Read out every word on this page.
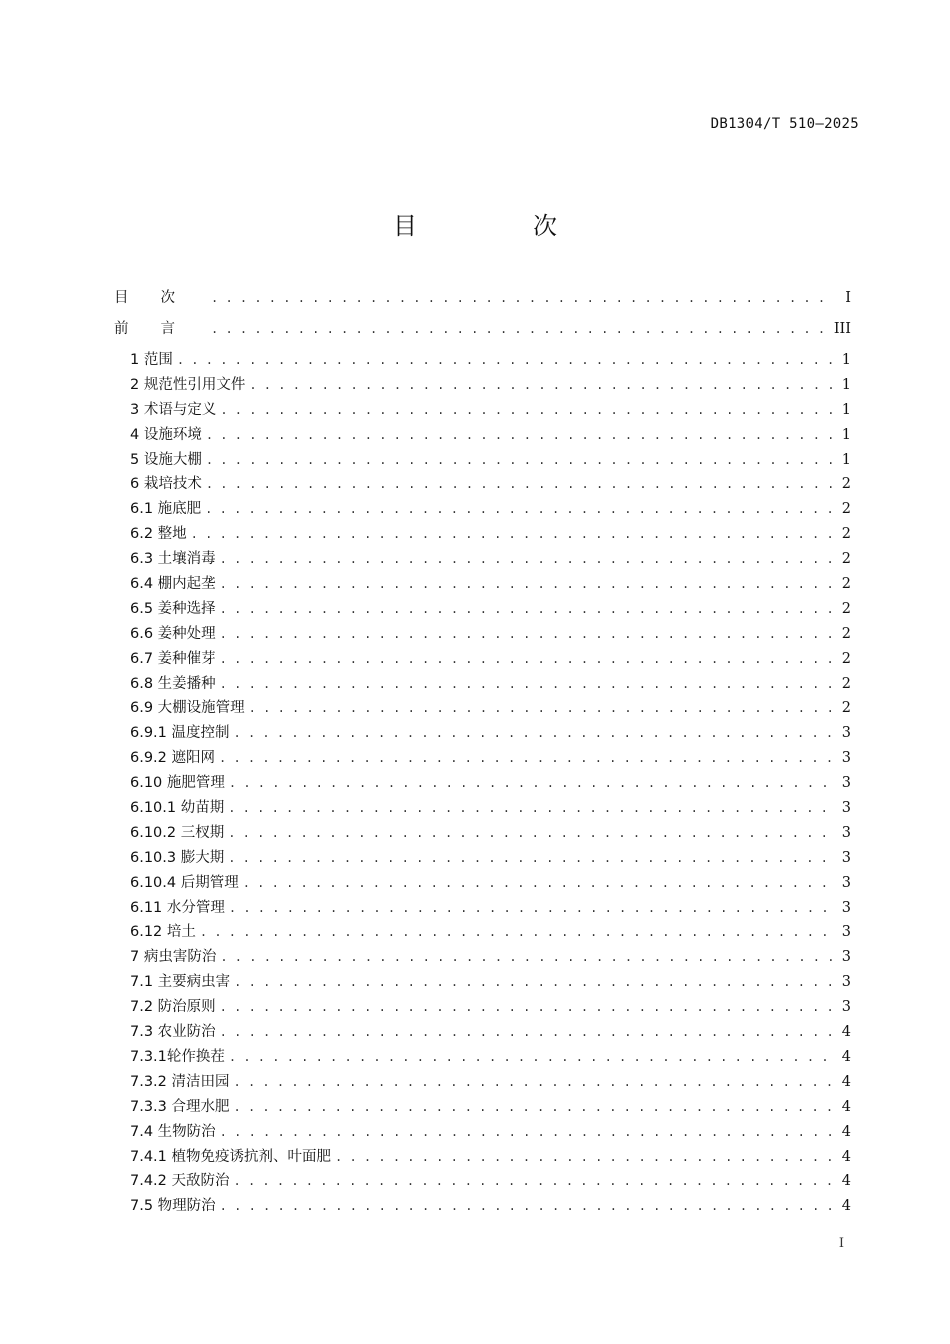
DB1304/T 510—2025
目　次
目次 . . .	I
前言 . . .	III
1 范围 . . .	1
2 规范性引用文件 . . .	1
3 术语与定义 . . .	1
4 设施环境 . . .	1
5 设施大棚 . . .	1
6 栽培技术 . . .	2
6.1 施底肥 . . .	2
6.2 整地 . . .	2
6.3 土壤消毒 . . .	2
6.4 棚内起垄 . . .	2
6.5 姜种选择 . . .	2
6.6 姜种处理 . . .	2
6.7 姜种催芽 . . .	2
6.8 生姜播种 . . .	2
6.9 大棚设施管理 . . .	2
6.9.1 温度控制 . . .	3
6.9.2 遮阳网 . . .	3
6.10 施肥管理 . . .	3
6.10.1 幼苗期 . . .	3
6.10.2 三杈期 . . .	3
6.10.3 膨大期 . . .	3
6.10.4 后期管理 . . .	3
6.11 水分管理 . . .	3
6.12 培土 . . .	3
7 病虫害防治 . . .	3
7.1 主要病虫害 . . .	3
7.2 防治原则 . . .	3
7.3 农业防治 . . .	4
7.3.1轮作换茬 . . .	4
7.3.2 清洁田园 . . .	4
7.3.3 合理水肥 . . .	4
7.4 生物防治 . . .	4
7.4.1 植物免疫诱抗剂、叶面肥 . . .	4
7.4.2 天敌防治 . . .	4
7.5 物理防治 . . .	4
I
